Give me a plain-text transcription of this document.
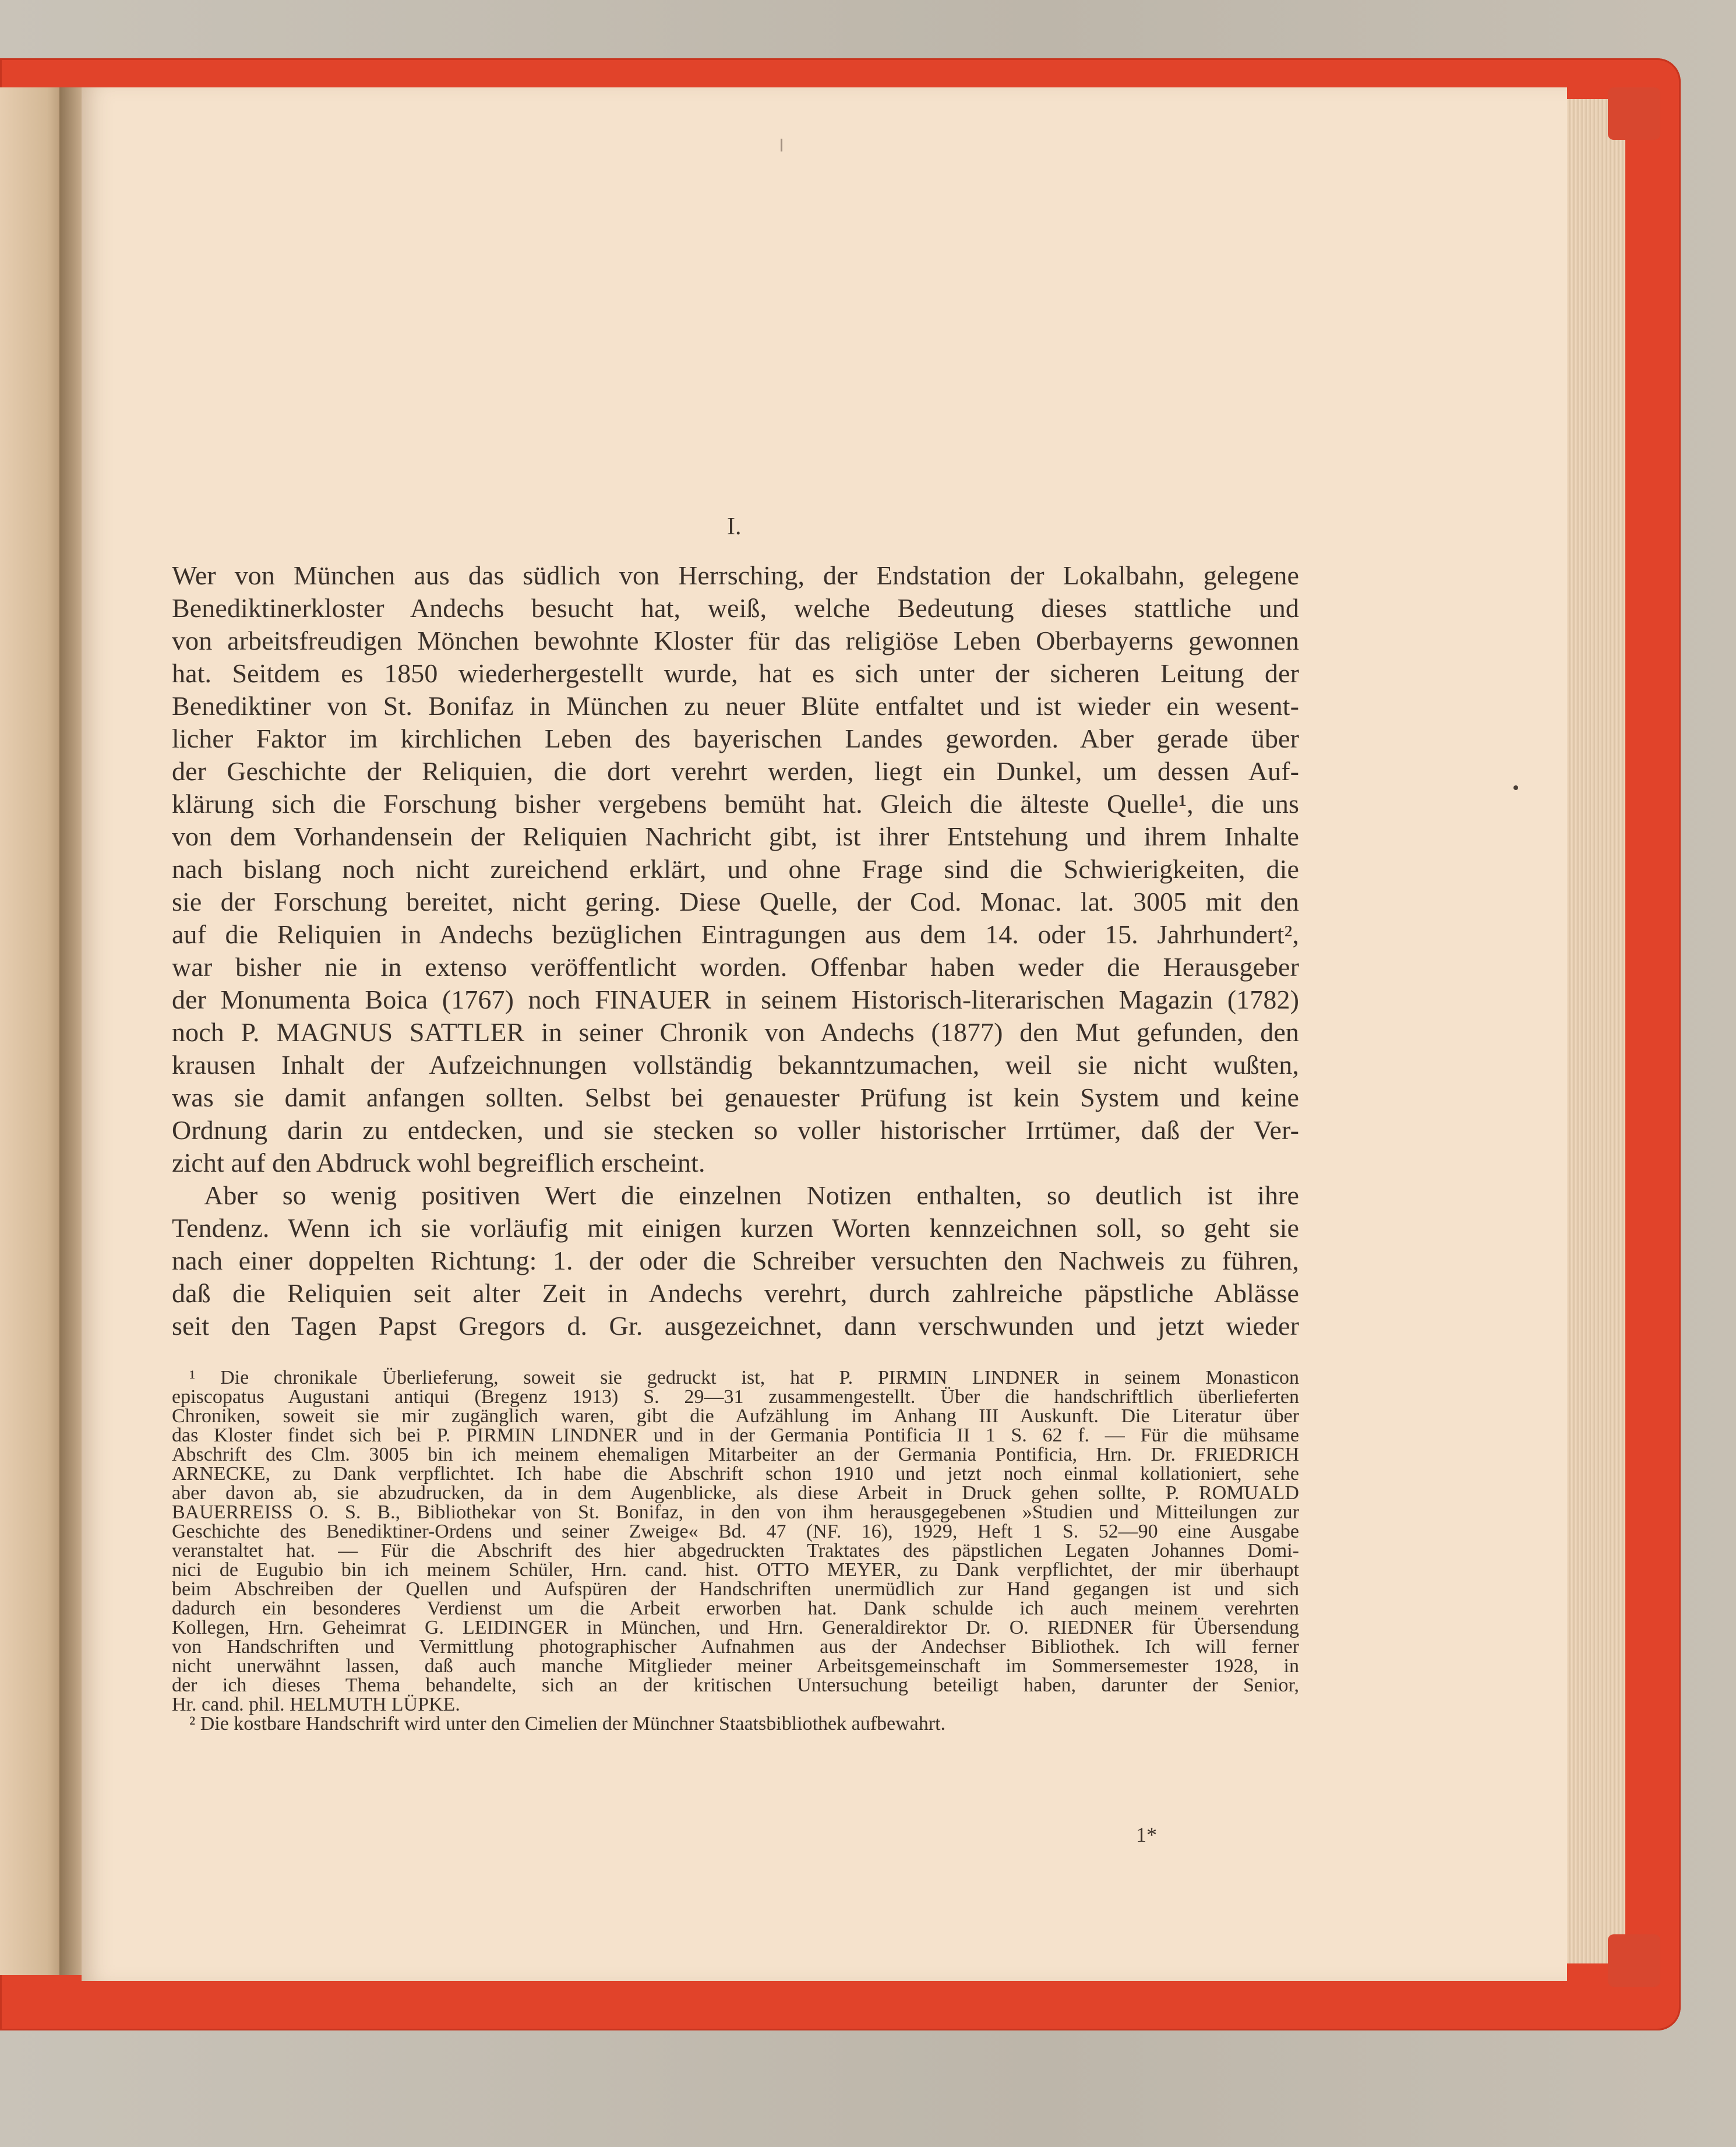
I.
Wer von München aus das südlich von Herrsching, der Endstation der Lokalbahn, gelegene
Benediktinerkloster Andechs besucht hat, weiß, welche Bedeutung dieses stattliche und
von arbeitsfreudigen Mönchen bewohnte Kloster für das religiöse Leben Oberbayerns gewonnen
hat. Seitdem es 1850 wiederhergestellt wurde, hat es sich unter der sicheren Leitung der
Benediktiner von St. Bonifaz in München zu neuer Blüte entfaltet und ist wieder ein wesent-
licher Faktor im kirchlichen Leben des bayerischen Landes geworden. Aber gerade über
der Geschichte der Reliquien, die dort verehrt werden, liegt ein Dunkel, um dessen Auf-
klärung sich die Forschung bisher vergebens bemüht hat. Gleich die älteste Quelle¹, die uns
von dem Vorhandensein der Reliquien Nachricht gibt, ist ihrer Entstehung und ihrem Inhalte
nach bislang noch nicht zureichend erklärt, und ohne Frage sind die Schwierigkeiten, die
sie der Forschung bereitet, nicht gering. Diese Quelle, der Cod. Monac. lat. 3005 mit den
auf die Reliquien in Andechs bezüglichen Eintragungen aus dem 14. oder 15. Jahrhundert²,
war bisher nie in extenso veröffentlicht worden. Offenbar haben weder die Herausgeber
der Monumenta Boica (1767) noch FINAUER in seinem Historisch-literarischen Magazin (1782)
noch P. MAGNUS SATTLER in seiner Chronik von Andechs (1877) den Mut gefunden, den
krausen Inhalt der Aufzeichnungen vollständig bekanntzumachen, weil sie nicht wußten,
was sie damit anfangen sollten. Selbst bei genauester Prüfung ist kein System und keine
Ordnung darin zu entdecken, und sie stecken so voller historischer Irrtümer, daß der Ver-
zicht auf den Abdruck wohl begreiflich erscheint.
Aber so wenig positiven Wert die einzelnen Notizen enthalten, so deutlich ist ihre
Tendenz. Wenn ich sie vorläufig mit einigen kurzen Worten kennzeichnen soll, so geht sie
nach einer doppelten Richtung: 1. der oder die Schreiber versuchten den Nachweis zu führen,
daß die Reliquien seit alter Zeit in Andechs verehrt, durch zahlreiche päpstliche Ablässe
seit den Tagen Papst Gregors d. Gr. ausgezeichnet, dann verschwunden und jetzt wieder
¹ Die chronikale Überlieferung, soweit sie gedruckt ist, hat P. PIRMIN LINDNER in seinem Monasticon
episcopatus Augustani antiqui (Bregenz 1913) S. 29—31 zusammengestellt. Über die handschriftlich überlieferten
Chroniken, soweit sie mir zugänglich waren, gibt die Aufzählung im Anhang III Auskunft. Die Literatur über
das Kloster findet sich bei P. PIRMIN LINDNER und in der Germania Pontificia II 1 S. 62 f. — Für die mühsame
Abschrift des Clm. 3005 bin ich meinem ehemaligen Mitarbeiter an der Germania Pontificia, Hrn. Dr. FRIEDRICH
ARNECKE, zu Dank verpflichtet. Ich habe die Abschrift schon 1910 und jetzt noch einmal kollationiert, sehe
aber davon ab, sie abzudrucken, da in dem Augenblicke, als diese Arbeit in Druck gehen sollte, P. ROMUALD
BAUERREISS O. S. B., Bibliothekar von St. Bonifaz, in den von ihm herausgegebenen »Studien und Mitteilungen zur
Geschichte des Benediktiner-Ordens und seiner Zweige« Bd. 47 (NF. 16), 1929, Heft 1 S. 52—90 eine Ausgabe
veranstaltet hat. — Für die Abschrift des hier abgedruckten Traktates des päpstlichen Legaten Johannes Domi-
nici de Eugubio bin ich meinem Schüler, Hrn. cand. hist. OTTO MEYER, zu Dank verpflichtet, der mir überhaupt
beim Abschreiben der Quellen und Aufspüren der Handschriften unermüdlich zur Hand gegangen ist und sich
dadurch ein besonderes Verdienst um die Arbeit erworben hat. Dank schulde ich auch meinem verehrten
Kollegen, Hrn. Geheimrat G. LEIDINGER in München, und Hrn. Generaldirektor Dr. O. RIEDNER für Übersendung
von Handschriften und Vermittlung photographischer Aufnahmen aus der Andechser Bibliothek. Ich will ferner
nicht unerwähnt lassen, daß auch manche Mitglieder meiner Arbeitsgemeinschaft im Sommersemester 1928, in
der ich dieses Thema behandelte, sich an der kritischen Untersuchung beteiligt haben, darunter der Senior,
Hr. cand. phil. HELMUTH LÜPKE.
² Die kostbare Handschrift wird unter den Cimelien der Münchner Staatsbibliothek aufbewahrt.
1*
